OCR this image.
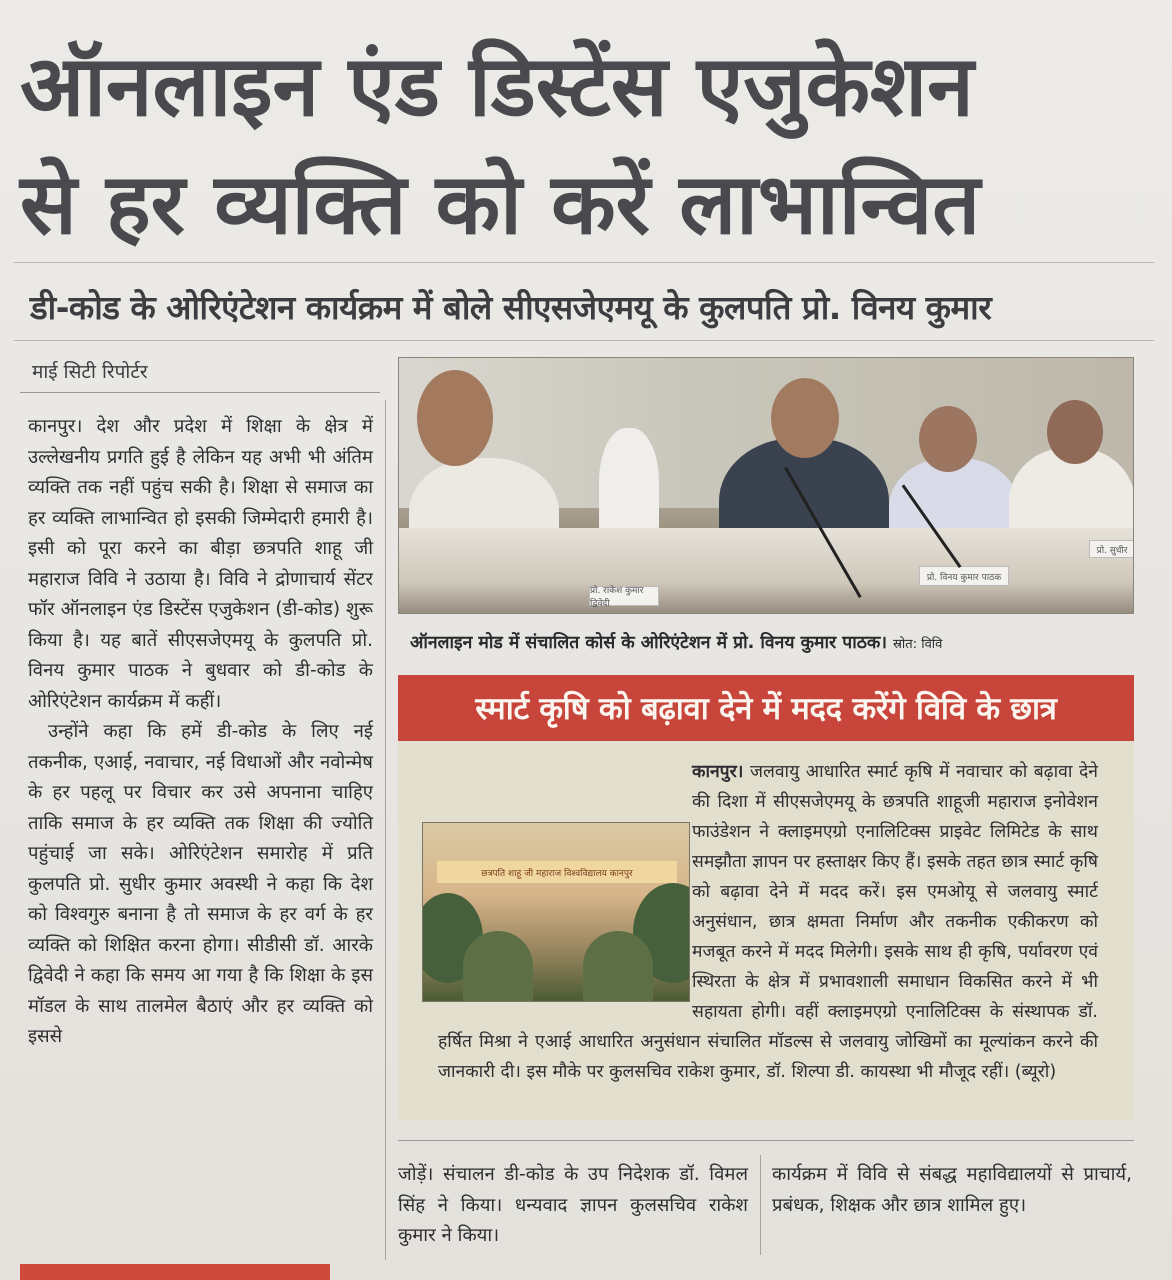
ऑनलाइन एंड डिस्टेंस एजुकेशन
से हर व्यक्ति को करें लाभान्वित
डी-कोड के ओरिएंटेशन कार्यक्रम में बोले सीएसजेएमयू के कुलपति प्रो. विनय कुमार
माई सिटी रिपोर्टर

कानपुर। देश और प्रदेश में शिक्षा के क्षेत्र में उल्लेखनीय प्रगति हुई है लेकिन यह अभी भी अंतिम व्यक्ति तक नहीं पहुंच सकी है। शिक्षा से समाज का हर व्यक्ति लाभान्वित हो इसकी जिम्मेदारी हमारी है। इसी को पूरा करने का बीड़ा छत्रपति शाहू जी महाराज विवि ने उठाया है। विवि ने द्रोणाचार्य सेंटर फॉर ऑनलाइन एंड डिस्टेंस एजुकेशन (डी-कोड) शुरू किया है। यह बातें सीएसजेएमयू के कुलपति प्रो. विनय कुमार पाठक ने बुधवार को डी-कोड के ओरिएंटेशन कार्यक्रम में कहीं।

उन्होंने कहा कि हमें डी-कोड के लिए नई तकनीक, एआई, नवाचार, नई विधाओं और नवोन्मेष के हर पहलू पर विचार कर उसे अपनाना चाहिए ताकि समाज के हर व्यक्ति तक शिक्षा की ज्योति पहुंचाई जा सके। ओरिएंटेशन समारोह में प्रति कुलपति प्रो. सुधीर कुमार अवस्थी ने कहा कि देश को विश्वगुरु बनाना है तो समाज के हर वर्ग के हर व्यक्ति को शिक्षित करना होगा। सीडीसी डॉ. आरके द्विवेदी ने कहा कि समय आ गया है कि शिक्षा के इस मॉडल के साथ तालमेल बैठाएं और हर व्यक्ति को इससे

प्रो. राकेश कुमार द्विवेदी
प्रो. विनय कुमार पाठक
प्रो. सुधीर
ऑनलाइन मोड में संचालित कोर्स के ओरिएंटेशन में प्रो. विनय कुमार पाठक। स्रोत: विवि
स्मार्ट कृषि को बढ़ावा देने में मदद करेंगे विवि के छात्र
छत्रपति शाहू जी महाराज विश्वविद्यालय कानपुर
कानपुर। जलवायु आधारित स्मार्ट कृषि में नवाचार को बढ़ावा देने की दिशा में सीएसजेएमयू के छत्रपति शाहूजी महाराज इनोवेशन फाउंडेशन ने क्लाइमएग्रो एनालिटिक्स प्राइवेट लिमिटेड के साथ समझौता ज्ञापन पर हस्ताक्षर किए हैं। इसके तहत छात्र स्मार्ट कृषि को बढ़ावा देने में मदद करें। इस एमओयू से जलवायु स्मार्ट अनुसंधान, छात्र क्षमता निर्माण और तकनीक एकीकरण को मजबूत करने में मदद मिलेगी। इसके साथ ही कृषि, पर्यावरण एवं स्थिरता के क्षेत्र में प्रभावशाली समाधान विकसित करने में भी सहायता होगी। वहीं क्लाइमएग्रो एनालिटिक्स के संस्थापक डॉ. हर्षित मिश्रा ने एआई आधारित अनुसंधान संचालित मॉडल्स से जलवायु जोखिमों का मूल्यांकन करने की जानकारी दी। इस मौके पर कुलसचिव राकेश कुमार, डॉ. शिल्पा डी. कायस्था भी मौजूद रहीं। (ब्यूरो)
जोड़ें। संचालन डी-कोड के उप निदेशक डॉ. विमल सिंह ने किया। धन्यवाद ज्ञापन कुलसचिव राकेश कुमार ने किया।
कार्यक्रम में विवि से संबद्ध महाविद्यालयों से प्राचार्य, प्रबंधक, शिक्षक और छात्र शामिल हुए।
